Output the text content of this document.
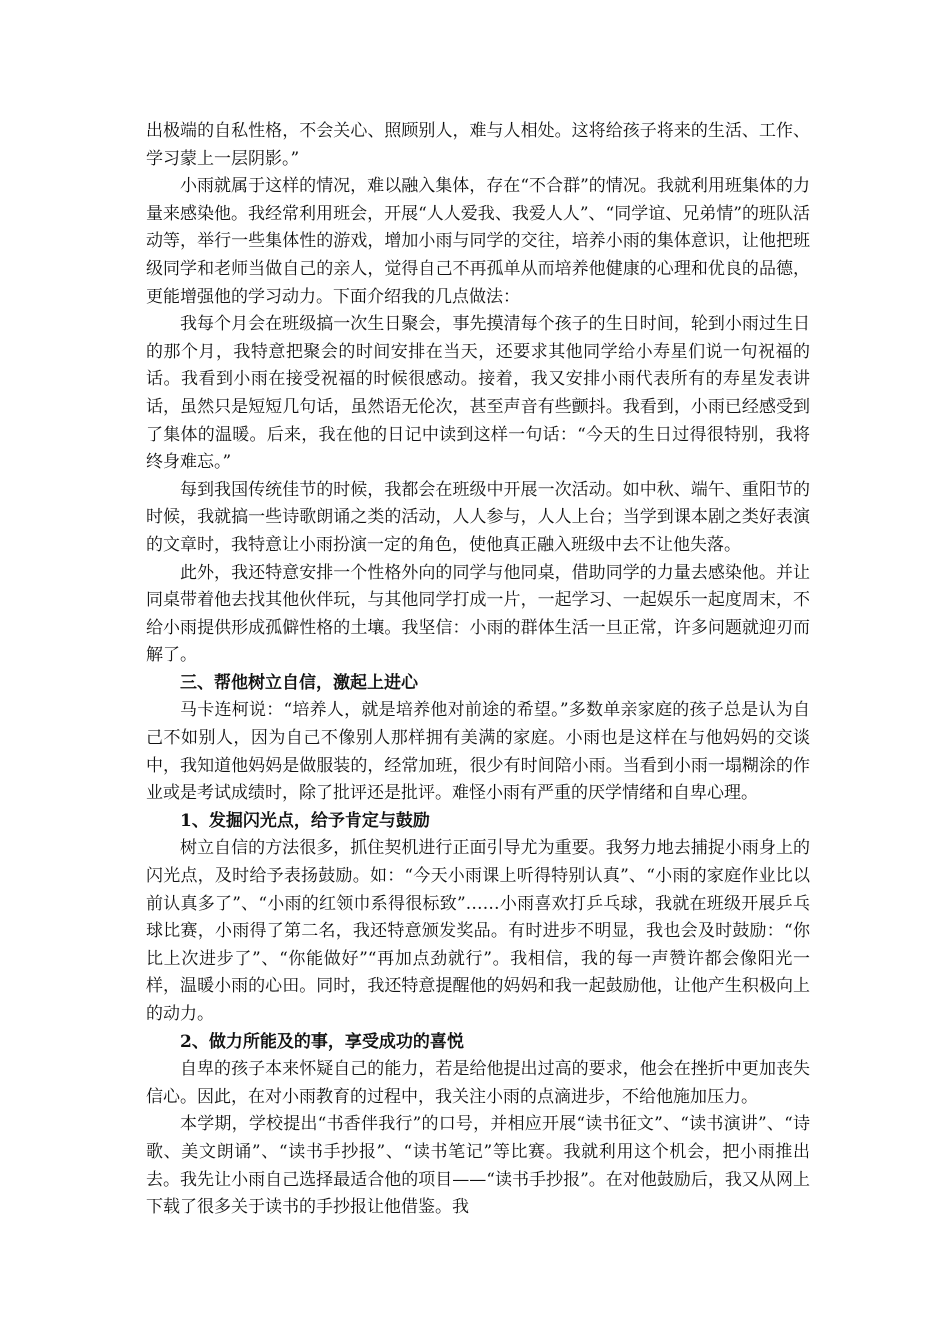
出极端的自私性格，不会关心、照顾别人，难与人相处。这将给孩子将来的生活、工作、学习蒙上一层阴影。”

小雨就属于这样的情况，难以融入集体，存在“不合群”的情况。我就利用班集体的力量来感染他。我经常利用班会，开展“人人爱我、我爱人人”、“同学谊、兄弟情”的班队活动等，举行一些集体性的游戏，增加小雨与同学的交往，培养小雨的集体意识，让他把班级同学和老师当做自己的亲人，觉得自己不再孤单从而培养他健康的心理和优良的品德，更能增强他的学习动力。下面介绍我的几点做法：

我每个月会在班级搞一次生日聚会，事先摸清每个孩子的生日时间，轮到小雨过生日的那个月，我特意把聚会的时间安排在当天，还要求其他同学给小寿星们说一句祝福的话。我看到小雨在接受祝福的时候很感动。接着，我又安排小雨代表所有的寿星发表讲话，虽然只是短短几句话，虽然语无伦次，甚至声音有些颤抖。我看到，小雨已经感受到了集体的温暖。后来，我在他的日记中读到这样一句话：“今天的生日过得很特别，我将终身难忘。”

每到我国传统佳节的时候，我都会在班级中开展一次活动。如中秋、端午、重阳节的时候，我就搞一些诗歌朗诵之类的活动，人人参与，人人上台；当学到课本剧之类好表演的文章时，我特意让小雨扮演一定的角色，使他真正融入班级中去不让他失落。

此外，我还特意安排一个性格外向的同学与他同桌，借助同学的力量去感染他。并让同桌带着他去找其他伙伴玩，与其他同学打成一片，一起学习、一起娱乐一起度周末，不给小雨提供形成孤僻性格的土壤。我坚信：小雨的群体生活一旦正常，许多问题就迎刃而解了。

三、帮他树立自信，激起上进心

马卡连柯说：“培养人，就是培养他对前途的希望。”多数单亲家庭的孩子总是认为自己不如别人，因为自己不像别人那样拥有美满的家庭。小雨也是这样在与他妈妈的交谈中，我知道他妈妈是做服装的，经常加班，很少有时间陪小雨。当看到小雨一塌糊涂的作业或是考试成绩时，除了批评还是批评。难怪小雨有严重的厌学情绪和自卑心理。

1、发掘闪光点，给予肯定与鼓励

树立自信的方法很多，抓住契机进行正面引导尤为重要。我努力地去捕捉小雨身上的闪光点，及时给予表扬鼓励。如：“今天小雨课上听得特别认真”、“小雨的家庭作业比以前认真多了”、“小雨的红领巾系得很标致”……小雨喜欢打乒乓球，我就在班级开展乒乓球比赛，小雨得了第二名，我还特意颁发奖品。有时进步不明显，我也会及时鼓励：“你比上次进步了”、“你能做好”“再加点劲就行”。我相信，我的每一声赞许都会像阳光一样，温暖小雨的心田。同时，我还特意提醒他的妈妈和我一起鼓励他，让他产生积极向上的动力。

2、做力所能及的事，享受成功的喜悦

自卑的孩子本来怀疑自己的能力，若是给他提出过高的要求，他会在挫折中更加丧失信心。因此，在对小雨教育的过程中，我关注小雨的点滴进步，不给他施加压力。

本学期，学校提出“书香伴我行”的口号，并相应开展“读书征文”、“读书演讲”、“诗歌、美文朗诵”、“读书手抄报”、“读书笔记”等比赛。我就利用这个机会，把小雨推出去。我先让小雨自己选择最适合他的项目——“读书手抄报”。在对他鼓励后，我又从网上下载了很多关于读书的手抄报让他借鉴。我
